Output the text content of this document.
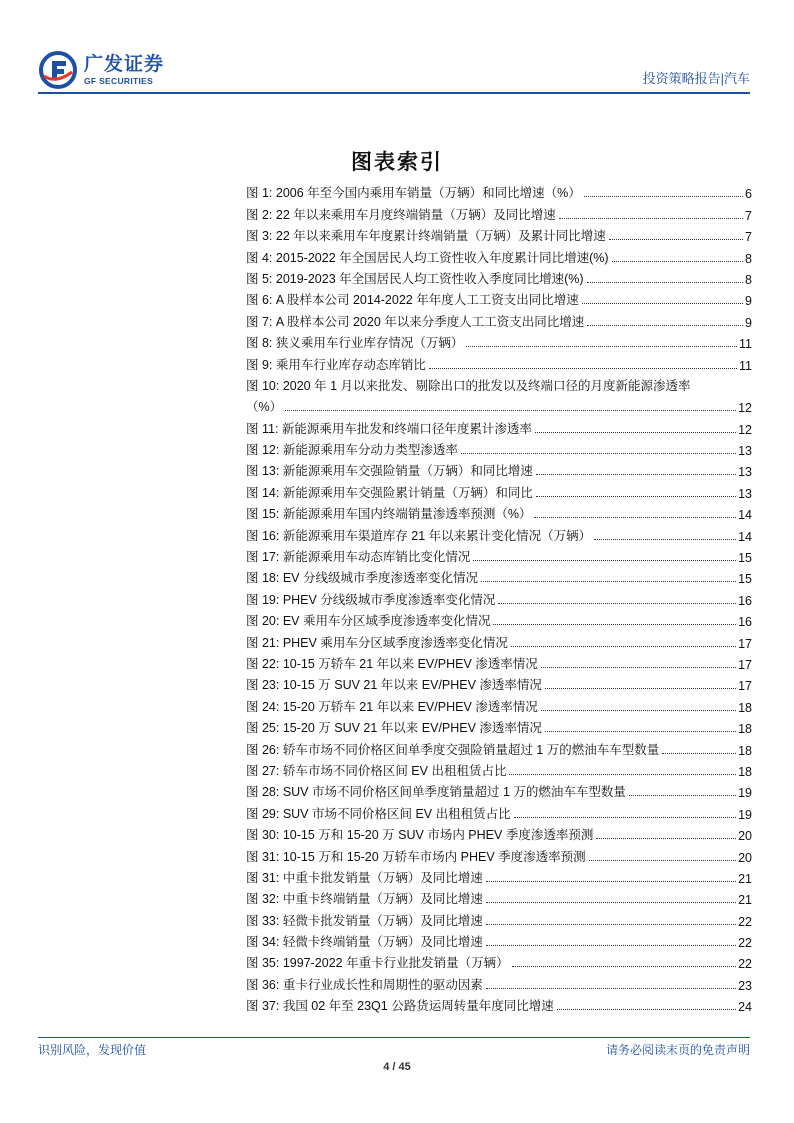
广发证券
GF SECURITIES	投资策略报告|汽车
图表索引
图 1: 2006 年至今国内乘用车销量（万辆）和同比增速（%）	6
图 2: 22 年以来乘用车月度终端销量（万辆）及同比增速	7
图 3: 22 年以来乘用车年度累计终端销量（万辆）及累计同比增速	7
图 4: 2015-2022 年全国居民人均工资性收入年度累计同比增速(%)	8
图 5: 2019-2023 年全国居民人均工资性收入季度同比增速(%)	8
图 6: A 股样本公司 2014-2022 年年度人工工资支出同比增速	9
图 7: A 股样本公司 2020 年以来分季度人工工资支出同比增速	9
图 8: 狭义乘用车行业库存情况（万辆）	11
图 9: 乘用车行业库存动态库销比	11
图 10: 2020 年 1 月以来批发、剔除出口的批发以及终端口径的月度新能源渗透率
（%）	12
图 11: 新能源乘用车批发和终端口径年度累计渗透率	12
图 12: 新能源乘用车分动力类型渗透率	13
图 13: 新能源乘用车交强险销量（万辆）和同比增速	13
图 14: 新能源乘用车交强险累计销量（万辆）和同比	13
图 15: 新能源乘用车国内终端销量渗透率预测（%）	14
图 16: 新能源乘用车渠道库存 21 年以来累计变化情况（万辆）	14
图 17: 新能源乘用车动态库销比变化情况	15
图 18: EV 分线级城市季度渗透率变化情况	15
图 19: PHEV 分线级城市季度渗透率变化情况	16
图 20: EV 乘用车分区域季度渗透率变化情况	16
图 21: PHEV 乘用车分区域季度渗透率变化情况	17
图 22: 10-15 万轿车 21 年以来 EV/PHEV 渗透率情况	17
图 23: 10-15 万 SUV 21 年以来 EV/PHEV 渗透率情况	17
图 24: 15-20 万轿车 21 年以来 EV/PHEV 渗透率情况	18
图 25: 15-20 万 SUV 21 年以来 EV/PHEV 渗透率情况	18
图 26: 轿车市场不同价格区间单季度交强险销量超过 1 万的燃油车车型数量	18
图 27: 轿车市场不同价格区间 EV 出租租赁占比	18
图 28: SUV 市场不同价格区间单季度销量超过 1 万的燃油车车型数量	19
图 29: SUV 市场不同价格区间 EV 出租租赁占比	19
图 30: 10-15 万和 15-20 万 SUV 市场内 PHEV 季度渗透率预测	20
图 31: 10-15 万和 15-20 万轿车市场内 PHEV 季度渗透率预测	20
图 31: 中重卡批发销量（万辆）及同比增速	21
图 32: 中重卡终端销量（万辆）及同比增速	21
图 33: 轻微卡批发销量（万辆）及同比增速	22
图 34: 轻微卡终端销量（万辆）及同比增速	22
图 35: 1997-2022 年重卡行业批发销量（万辆）	22
图 36: 重卡行业成长性和周期性的驱动因素	23
图 37: 我国 02 年至 23Q1 公路货运周转量年度同比增速	24
识别风险，发现价值	请务必阅读末页的免责声明
4 / 45
